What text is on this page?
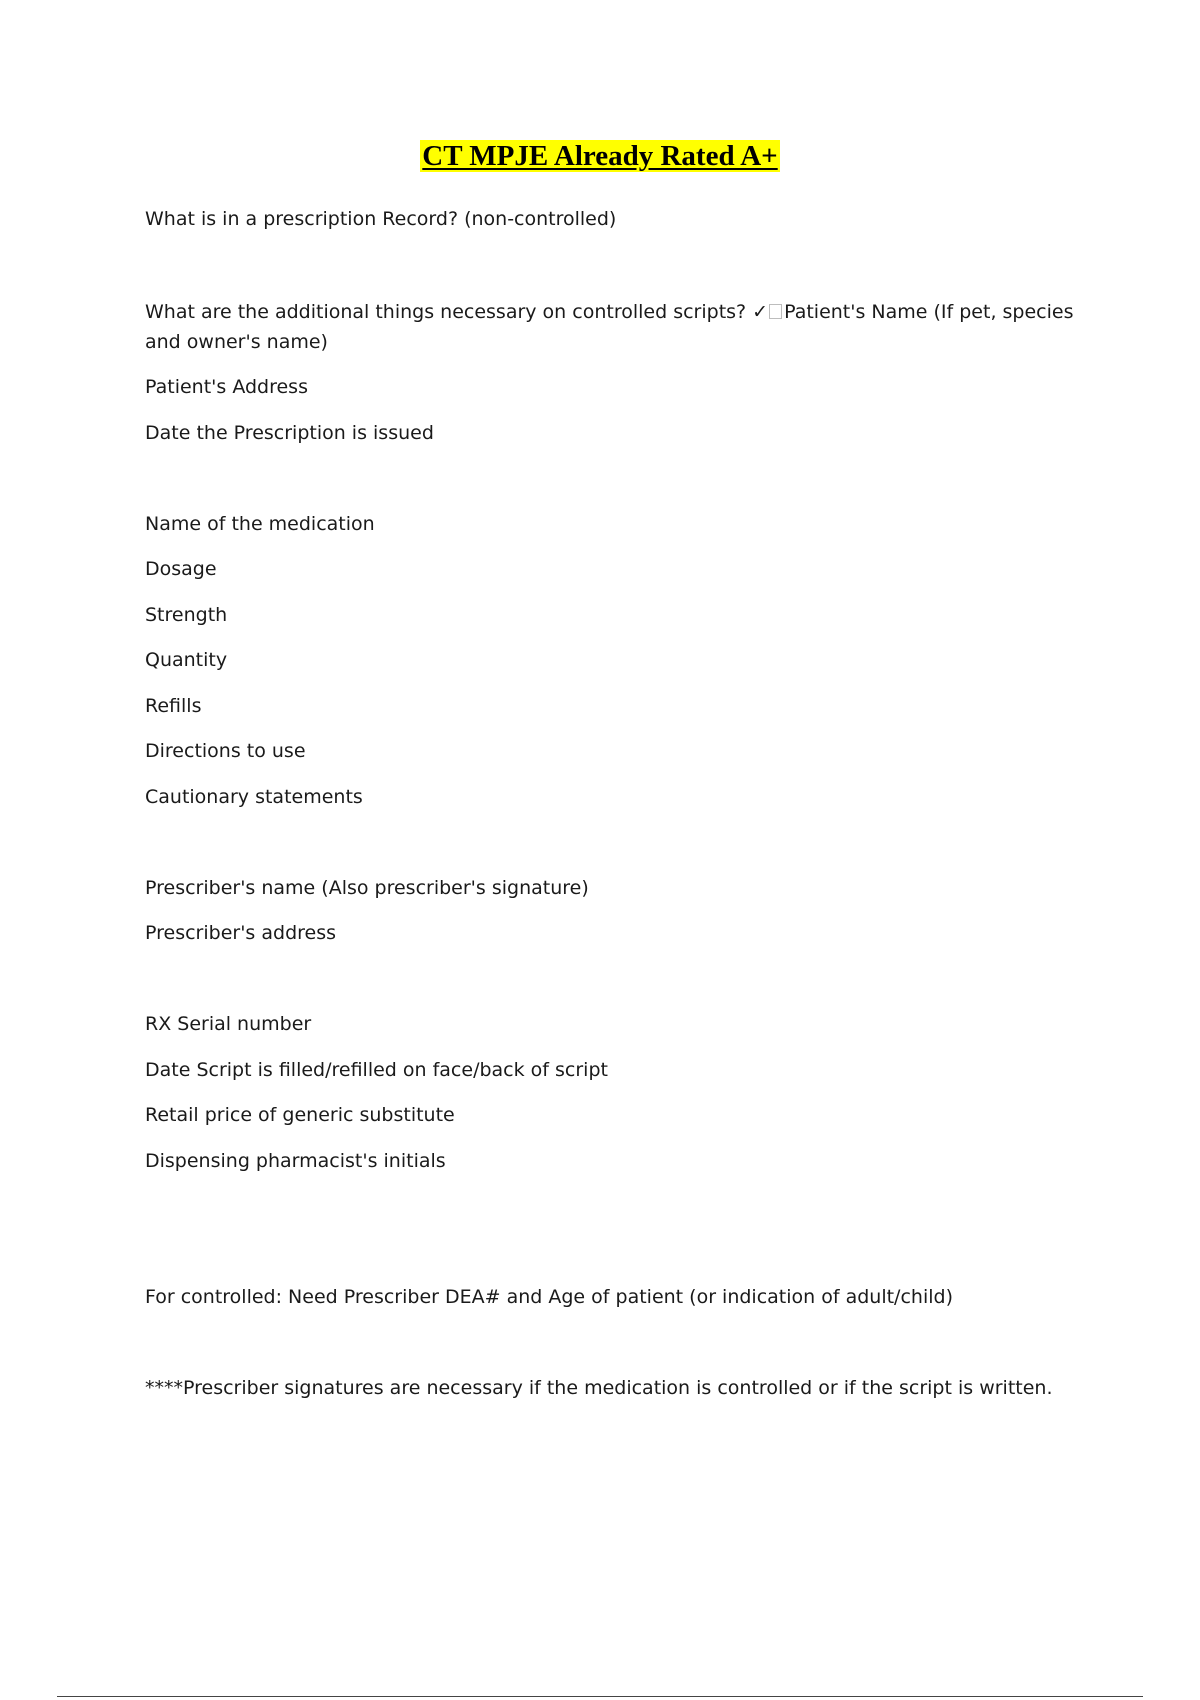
CT MPJE Already Rated A+
What is in a prescription Record? (non-controlled)
What are the additional things necessary on controlled scripts? ✓ Patient's Name (If pet, species and owner's name)
Patient's Address
Date the Prescription is issued
Name of the medication
Dosage
Strength
Quantity
Refills
Directions to use
Cautionary statements
Prescriber's name (Also prescriber's signature)
Prescriber's address
RX Serial number
Date Script is filled/refilled on face/back of script
Retail price of generic substitute
Dispensing pharmacist's initials
For controlled: Need Prescriber DEA# and Age of patient (or indication of adult/child)
****Prescriber signatures are necessary if the medication is controlled or if the script is written.
